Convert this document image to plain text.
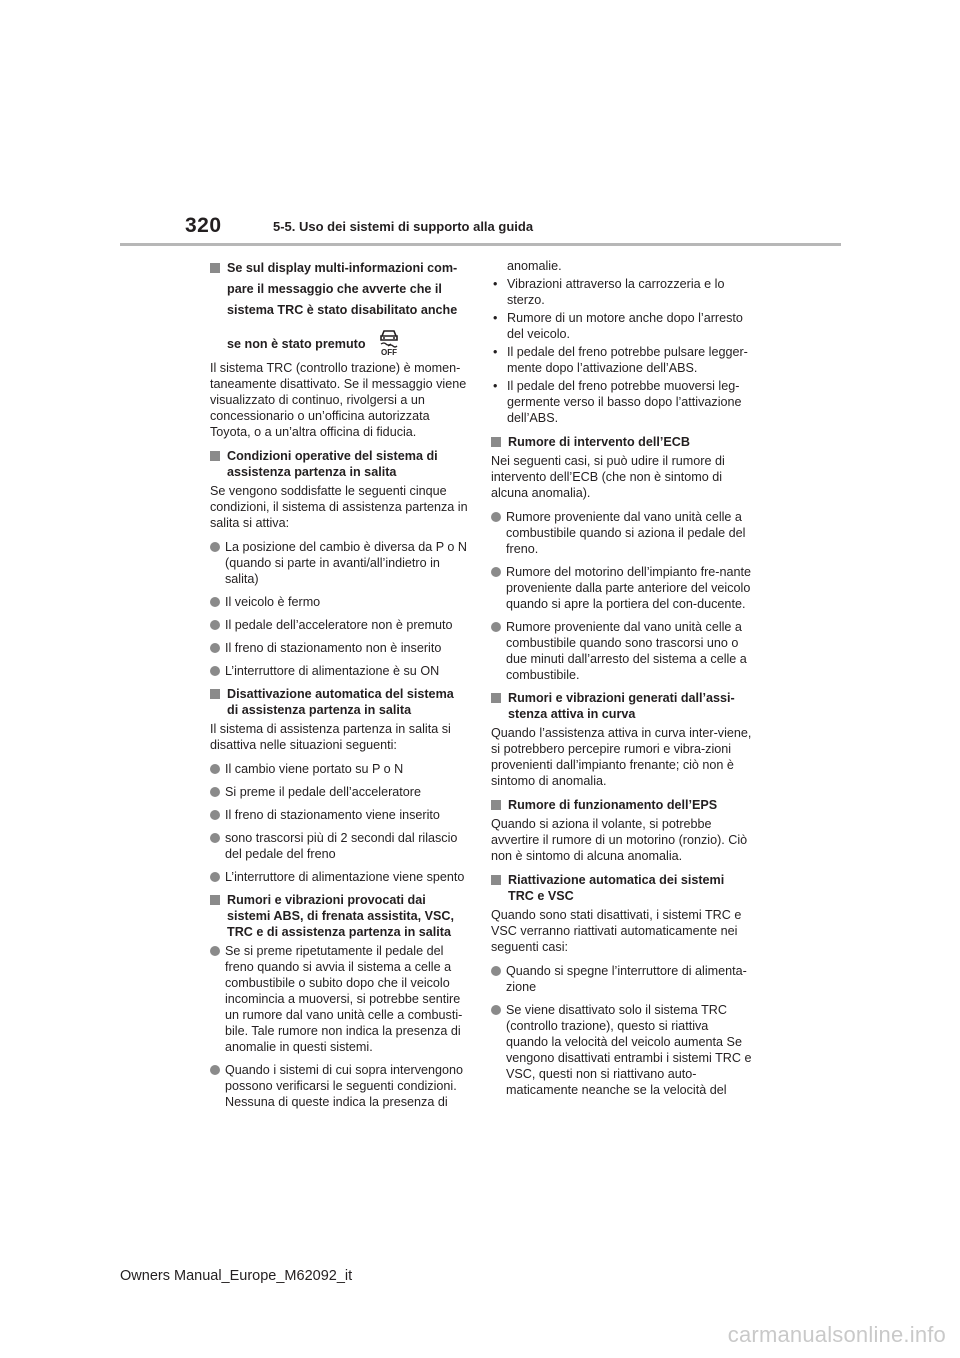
320	5-5. Uso dei sistemi di supporto alla guida
Se sul display multi-informazioni com-
pare il messaggio che avverte che il
sistema TRC è stato disabilitato anche
se non è stato premuto
OFF
Il sistema TRC (controllo trazione) è momen-taneamente disattivato. Se il messaggio viene visualizzato di continuo, rivolgersi a un concessionario o un’officina autorizzata Toyota, o a un’altra officina di fiducia.
Condizioni operative del sistema di assistenza partenza in salita
Se vengono soddisfatte le seguenti cinque condizioni, il sistema di assistenza partenza in salita si attiva:
La posizione del cambio è diversa da P o N (quando si parte in avanti/all’indietro in salita)
Il veicolo è fermo
Il pedale dell’acceleratore non è premuto
Il freno di stazionamento non è inserito
L’interruttore di alimentazione è su ON
Disattivazione automatica del sistema di assistenza partenza in salita
Il sistema di assistenza partenza in salita si disattiva nelle situazioni seguenti:
Il cambio viene portato su P o N
Si preme il pedale dell’acceleratore
Il freno di stazionamento viene inserito
sono trascorsi più di 2 secondi dal rilascio del pedale del freno
L’interruttore di alimentazione viene spento
Rumori e vibrazioni provocati dai sistemi ABS, di frenata assistita, VSC, TRC e di assistenza partenza in salita
Se si preme ripetutamente il pedale del freno quando si avvia il sistema a celle a combustibile o subito dopo che il veicolo incomincia a muoversi, si potrebbe sentire un rumore dal vano unità celle a combusti-bile. Tale rumore non indica la presenza di anomalie in questi sistemi.
Quando i sistemi di cui sopra intervengono possono verificarsi le seguenti condizioni. Nessuna di queste indica la presenza di
anomalie.
• Vibrazioni attraverso la carrozzeria e lo sterzo.
• Rumore di un motore anche dopo l’arresto del veicolo.
• Il pedale del freno potrebbe pulsare legger-mente dopo l’attivazione dell’ABS.
• Il pedale del freno potrebbe muoversi leg-germente verso il basso dopo l’attivazione dell’ABS.
Rumore di intervento dell’ECB
Nei seguenti casi, si può udire il rumore di intervento dell’ECB (che non è sintomo di alcuna anomalia).
Rumore proveniente dal vano unità celle a combustibile quando si aziona il pedale del freno.
Rumore del motorino dell’impianto fre-nante proveniente dalla parte anteriore del veicolo quando si apre la portiera del con-ducente.
Rumore proveniente dal vano unità celle a combustibile quando sono trascorsi uno o due minuti dall’arresto del sistema a celle a combustibile.
Rumori e vibrazioni generati dall’assi-stenza attiva in curva
Quando l’assistenza attiva in curva inter-viene, si potrebbero percepire rumori e vibra-zioni provenienti dall’impianto frenante; ciò non è sintomo di anomalia.
Rumore di funzionamento dell’EPS
Quando si aziona il volante, si potrebbe avvertire il rumore di un motorino (ronzio). Ciò non è sintomo di alcuna anomalia.
Riattivazione automatica dei sistemi TRC e VSC
Quando sono stati disattivati, i sistemi TRC e VSC verranno riattivati automaticamente nei seguenti casi:
Quando si spegne l’interruttore di alimenta-zione
Se viene disattivato solo il sistema TRC (controllo trazione), questo si riattiva quando la velocità del veicolo aumenta Se vengono disattivati entrambi i sistemi TRC e VSC, questi non si riattivano auto-maticamente neanche se la velocità del
Owners Manual_Europe_M62092_it
carmanualsonline.info
